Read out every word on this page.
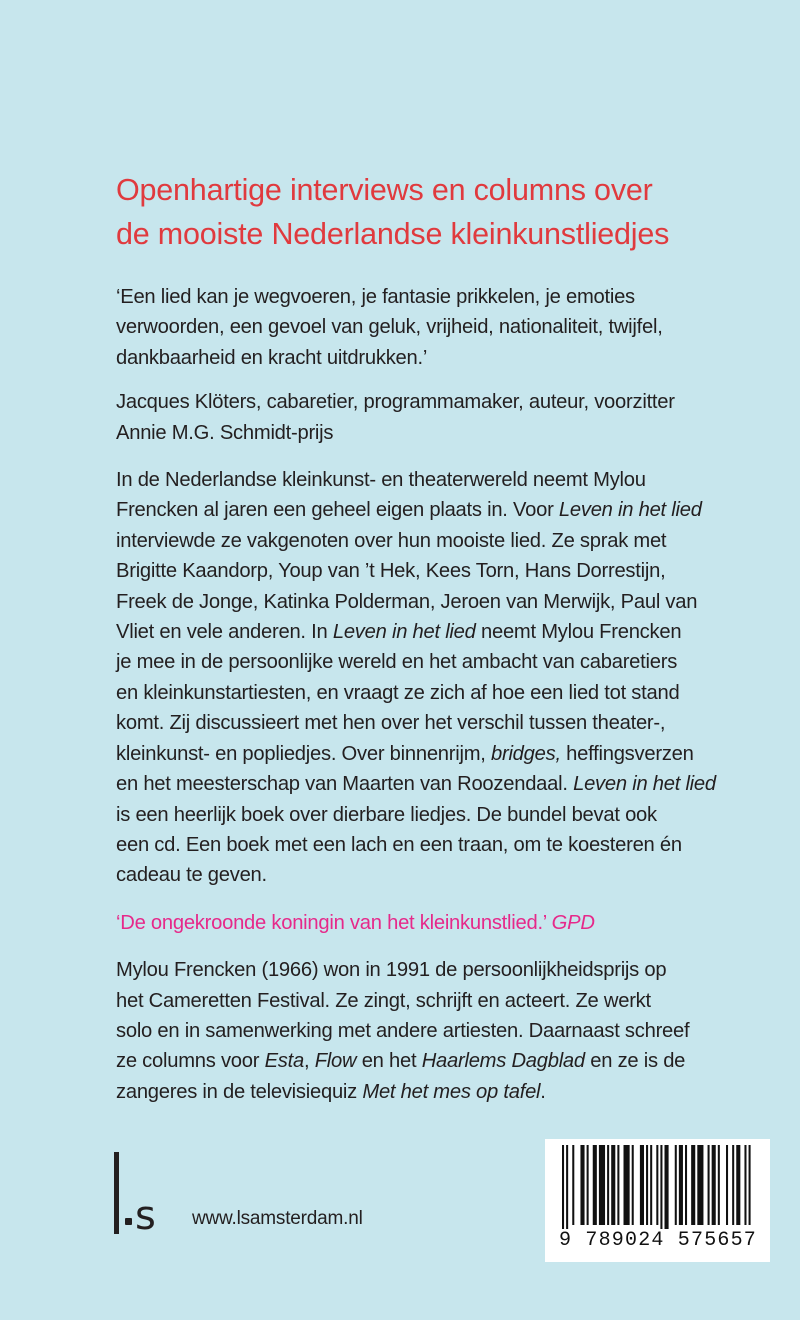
Openhartige interviews en columns over
de mooiste Nederlandse kleinkunstliedjes

‘Een lied kan je wegvoeren, je fantasie prikkelen, je emoties
verwoorden, een gevoel van geluk, vrijheid, nationaliteit, twijfel,
dankbaarheid en kracht uitdrukken.’

Jacques Klöters, cabaretier, programmamaker, auteur, voorzitter
Annie M.G. Schmidt-prijs

In de Nederlandse kleinkunst- en theaterwereld neemt Mylou
Frencken al jaren een geheel eigen plaats in. Voor Leven in het lied
interviewde ze vakgenoten over hun mooiste lied. Ze sprak met
Brigitte Kaandorp, Youp van ’t Hek, Kees Torn, Hans Dorrestijn,
Freek de Jonge, Katinka Polderman, Jeroen van Merwijk, Paul van
Vliet en vele anderen. In Leven in het lied neemt Mylou Frencken
je mee in de persoonlijke wereld en het ambacht van cabaretiers
en kleinkunstartiesten, en vraagt ze zich af hoe een lied tot stand
komt. Zij discussieert met hen over het verschil tussen theater-,
kleinkunst- en popliedjes. Over binnenrijm, bridges, heffingsverzen
en het meesterschap van Maarten van Roozendaal. Leven in het lied
is een heerlijk boek over dierbare liedjes. De bundel bevat ook
een cd. Een boek met een lach en een traan, om te koesteren én
cadeau te geven.

‘De ongekroonde koningin van het kleinkunstlied.’ GPD

Mylou Frencken (1966) won in 1991 de persoonlijkheidsprijs op
het Cameretten Festival. Ze zingt, schrijft en acteert. Ze werkt
solo en in samenwerking met andere artiesten. Daarnaast schreef
ze columns voor Esta, Flow en het Haarlems Dagblad en ze is de
zangeres in de televisiequiz Met het mes op tafel.

s www.lsamsterdam.nl
9 789024 575657
